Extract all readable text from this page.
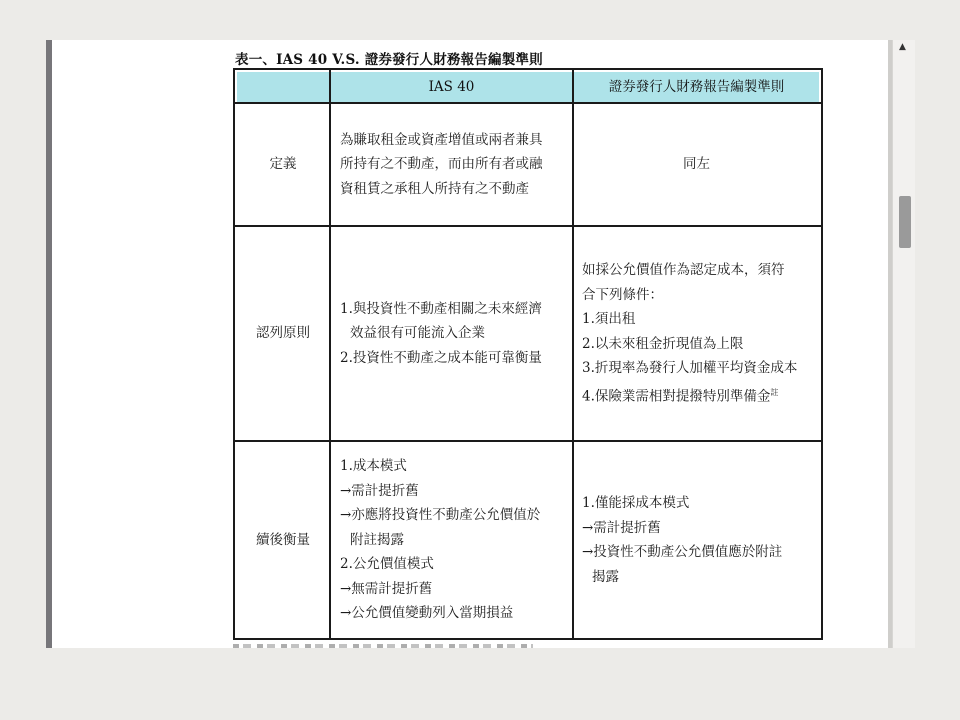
表一、IAS 40 V.S. 證券發行人財務報告編製準則
IAS 40	證券發行人財務報告編製準則
定義
為賺取租金或資產增值或兩者兼具
所持有之不動產，而由所有者或融
資租賃之承租人所持有之不動產
同左
認列原則
1.與投資性不動產相關之未來經濟
效益很有可能流入企業
2.投資性不動產之成本能可靠衡量
如採公允價值作為認定成本，須符
合下列條件：
1.須出租
2.以未來租金折現值為上限
3.折現率為發行人加權平均資金成本
4.保險業需相對提撥特別準備金$^註$
續後衡量
1.成本模式
→需計提折舊
→亦應將投資性不動產公允價值於
附註揭露
2.公允價值模式
→無需計提折舊
→公允價值變動列入當期損益
1.僅能採成本模式
→需計提折舊
→投資性不動產公允價值應於附註
揭露
▲
